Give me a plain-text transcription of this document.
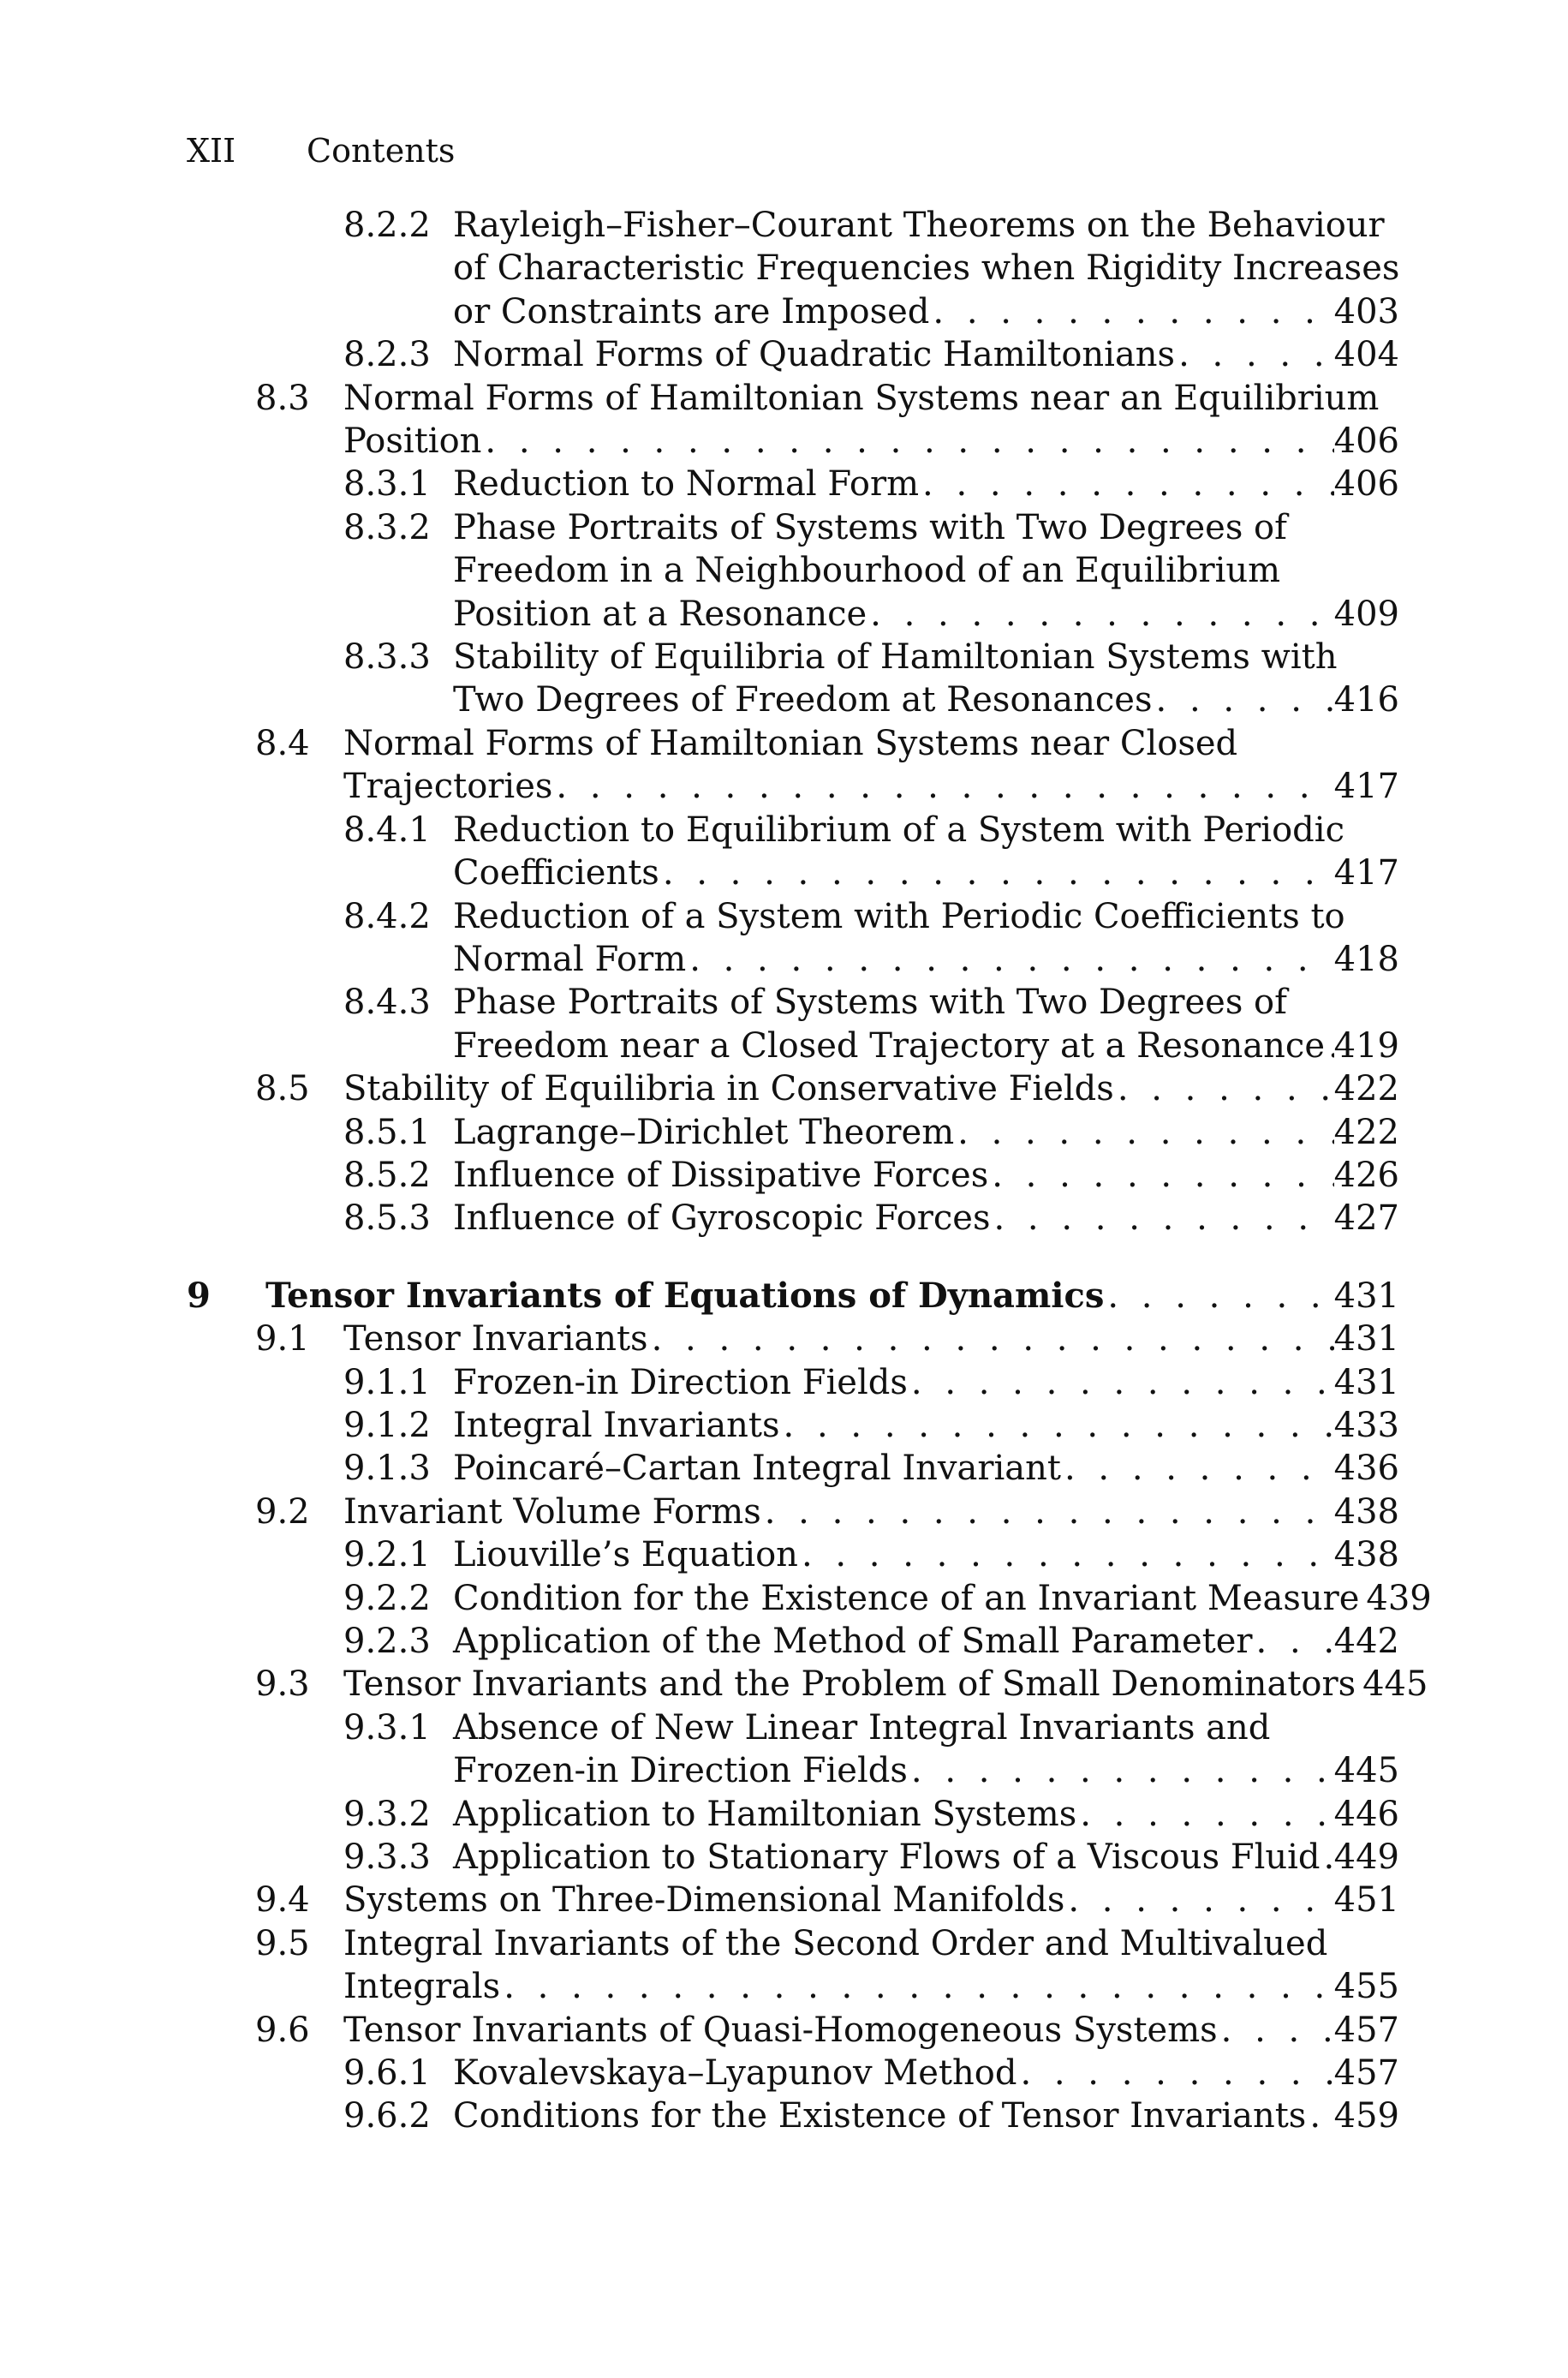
XII Contents
8.2.2 Rayleigh–Fisher–Courant Theorems on the Behaviour
of Characteristic Frequencies when Rigidity Increases
or Constraints are Imposed . . .	403
8.2.3 Normal Forms of Quadratic Hamiltonians . . .	404
8.3 Normal Forms of Hamiltonian Systems near an Equilibrium
Position . . .	406
8.3.1 Reduction to Normal Form . . .	406
8.3.2 Phase Portraits of Systems with Two Degrees of
Freedom in a Neighbourhood of an Equilibrium
Position at a Resonance . . .	409
8.3.3 Stability of Equilibria of Hamiltonian Systems with
Two Degrees of Freedom at Resonances . . .	416
8.4 Normal Forms of Hamiltonian Systems near Closed
Trajectories . . .	417
8.4.1 Reduction to Equilibrium of a System with Periodic
Coefficients . . .	417
8.4.2 Reduction of a System with Periodic Coefficients to
Normal Form . . .	418
8.4.3 Phase Portraits of Systems with Two Degrees of
Freedom near a Closed Trajectory at a Resonance . . . 419
8.5 Stability of Equilibria in Conservative Fields . . .	422
8.5.1 Lagrange–Dirichlet Theorem . . .	422
8.5.2 Influence of Dissipative Forces . . .	426
8.5.3 Influence of Gyroscopic Forces . . .	427
9 Tensor Invariants of Equations of Dynamics . . .	431
9.1 Tensor Invariants . . .	431
9.1.1 Frozen-in Direction Fields . . .	431
9.1.2 Integral Invariants . . .	433
9.1.3 Poincaré–Cartan Integral Invariant . . .	436
9.2 Invariant Volume Forms . . .	438
9.2.1 Liouville’s Equation . . .	438
9.2.2 Condition for the Existence of an Invariant Measure . . . 439
9.2.3 Application of the Method of Small Parameter . . . 442
9.3 Tensor Invariants and the Problem of Small Denominators . . . 445
9.3.1 Absence of New Linear Integral Invariants and
Frozen-in Direction Fields . . .	445
9.3.2 Application to Hamiltonian Systems . . .	446
9.3.3 Application to Stationary Flows of a Viscous Fluid . . . 449
9.4 Systems on Three-Dimensional Manifolds . . .	451
9.5 Integral Invariants of the Second Order and Multivalued
Integrals . . .	455
9.6 Tensor Invariants of Quasi-Homogeneous Systems . . .	457
9.6.1 Kovalevskaya–Lyapunov Method . . .	457
9.6.2 Conditions for the Existence of Tensor Invariants . . . 459
